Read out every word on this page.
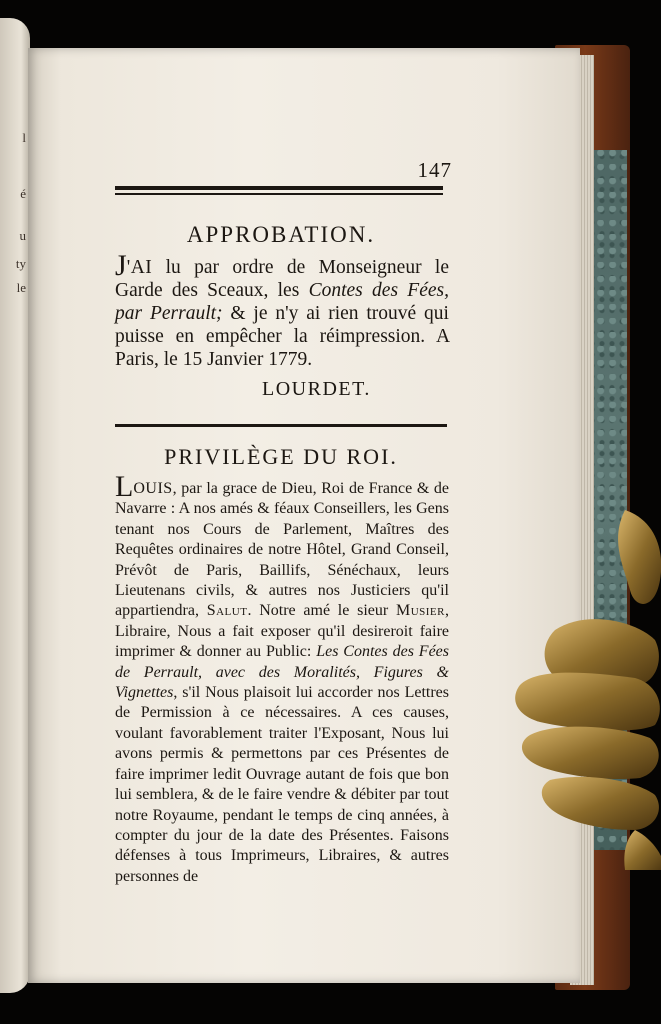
l
é
u
ty
le
147
APPROBATION.
J'AI lu par ordre de Monseigneur le Garde des Sceaux, les Contes des Fées, par Perrault; & je n'y ai rien trouvé qui puisse en empêcher la réimpression. A Paris, le 15 Janvier 1779.
LOURDET.
PRIVILÈGE DU ROI.
LOUIS, par la grace de Dieu, Roi de France & de Navarre : A nos amés & féaux Conseillers, les Gens tenant nos Cours de Parlement, Maîtres des Requêtes ordinaires de notre Hôtel, Grand Conseil, Prévôt de Paris, Baillifs, Sénéchaux, leurs Lieutenans civils, & autres nos Justiciers qu'il appartiendra, Salut. Notre amé le sieur Musier, Libraire, Nous a fait exposer qu'il desireroit faire imprimer & donner au Public: Les Contes des Fées de Perrault, avec des Moralités, Figures & Vignettes, s'il Nous plaisoit lui accorder nos Lettres de Permission à ce nécessaires. A ces causes, voulant favorablement traiter l'Exposant, Nous lui avons permis & permettons par ces Présentes de faire imprimer ledit Ouvrage autant de fois que bon lui semblera, & de le faire vendre & débiter par tout notre Royaume, pendant le temps de cinq années, à compter du jour de la date des Présentes. Faisons défenses à tous Imprimeurs, Libraires, & autres personnes de
